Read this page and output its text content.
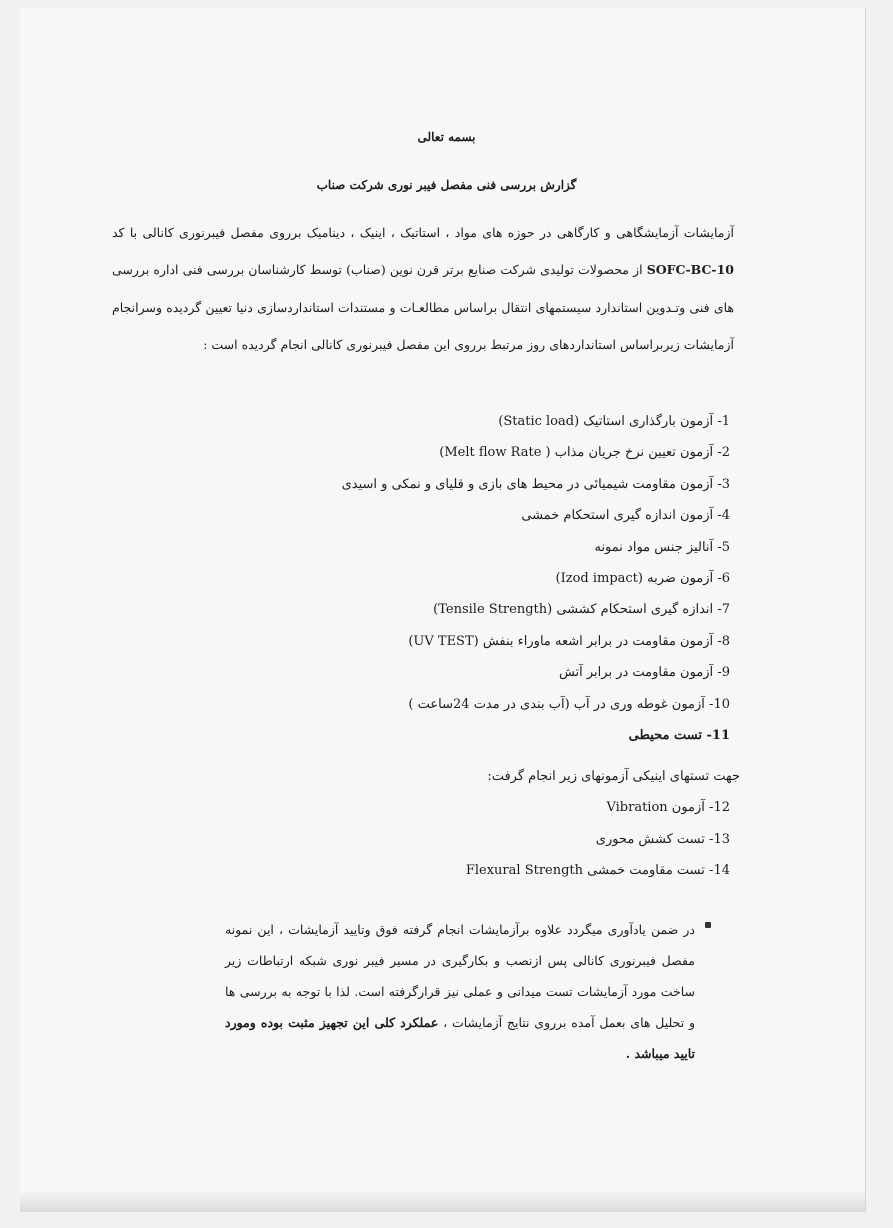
بسمه تعالی
گزارش بررسی فنی مفصل فیبر نوری شرکت صناب
آزمایشات آزمایشگاهی و کارگاهی در حوزه های مواد ، استاتیک ، اینیک ، دینامیک برروی مفصل فیبرنوری کانالی با کد SOFC-BC-10 از محصولات تولیدی شرکت صنایع برتر قرن نوین (صناب) توسط کارشناسان بررسی فنی اداره بررسی های فنی وتـدوین استاندارد سیستمهای انتقال براساس مطالعـات و مستندات استانداردسازی دنیا تعیین گردیده وسرانجام آزمایشات زیربراساس استانداردهای روز مرتبط برروی این مفصل فیبرنوری کانالی انجام گردیده است :
1- آزمون بارگذاری استاتیک (Static load)
2- آزمون تعیین نرخ جریان مذاب ( Melt flow Rate)
3- آزمون مقاومت شیمیائی در محیط های بازی و قلیای و نمکی و اسیدی
4- آزمون اندازه گیری استحکام خمشی
5- آنالیز جنس مواد نمونه
6- آزمون ضربه (Izod impact)
7- اندازه گیری استحکام کششی (Tensile Strength)
8- آزمون مقاومت در برابر اشعه ماوراء بنفش (UV TEST)
9- آزمون مقاومت در برابر آتش
10- آزمون غوطه وری در آب (آب بندی در مدت 24ساعت )
11- تست محیطی
جهت تستهای اینیکی آزمونهای زیر انجام گرفت:
12- آزمون Vibration
13- تست کشش محوری
14- تست مقاومت خمشی Flexural Strength
در ضمن یادآوری میگردد علاوه برآزمایشات انجام گرفته فوق وتایید آزمایشات ، این نمونه مفصل فیبرنوری کانالی پس ازنصب و بکارگیری در مسیر فیبر نوری شبکه ارتباطات زیر ساخت مورد آزمایشات تست میدانی و عملی نیز قرارگرفته است. لذا با توجه به بررسی ها و تحلیل های بعمل آمده برروی نتایج آزمایشات ، عملکرد کلی این تجهیز مثبت بوده ومورد تایید میباشد .
